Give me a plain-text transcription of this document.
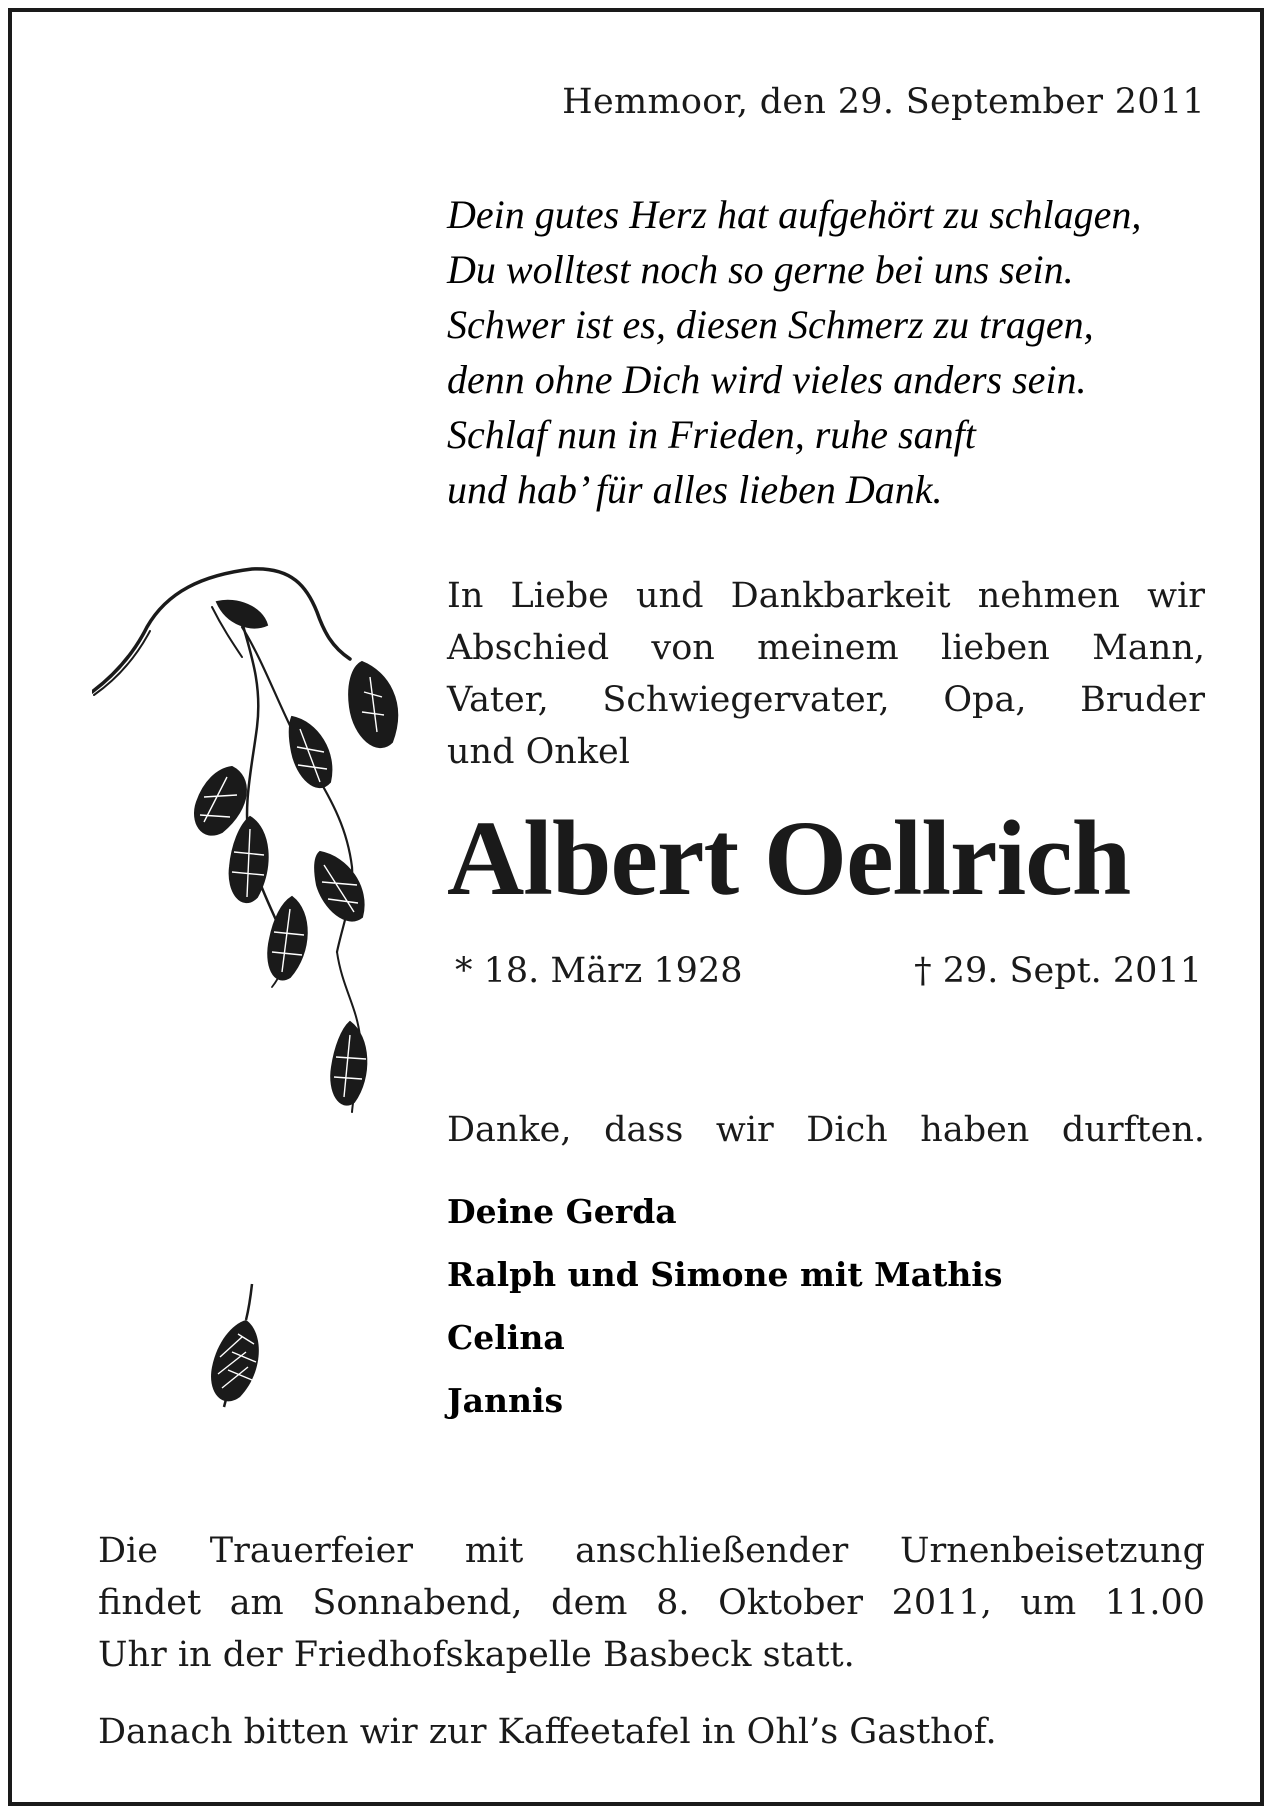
Hemmoor, den 29. September 2011
Dein gutes Herz hat aufgehört zu schlagen,
Du wolltest noch so gerne bei uns sein.
Schwer ist es, diesen Schmerz zu tragen,
denn ohne Dich wird vieles anders sein.
Schlaf nun in Frieden, ruhe sanft
und hab’ für alles lieben Dank.
In Liebe und Dankbarkeit nehmen wir
Abschied von meinem lieben Mann,
Vater, Schwiegervater, Opa, Bruder
und Onkel
Albert Oellrich
* 18. März 1928	† 29. Sept. 2011
Danke, dass wir Dich haben durften.
Deine Gerda
Ralph und Simone mit Mathis
Celina
Jannis
Die Trauerfeier mit anschließender Urnenbeisetzung
findet am Sonnabend, dem 8. Oktober 2011, um 11.00
Uhr in der Friedhofskapelle Basbeck statt.
Danach bitten wir zur Kaffeetafel in Ohl’s Gasthof.
